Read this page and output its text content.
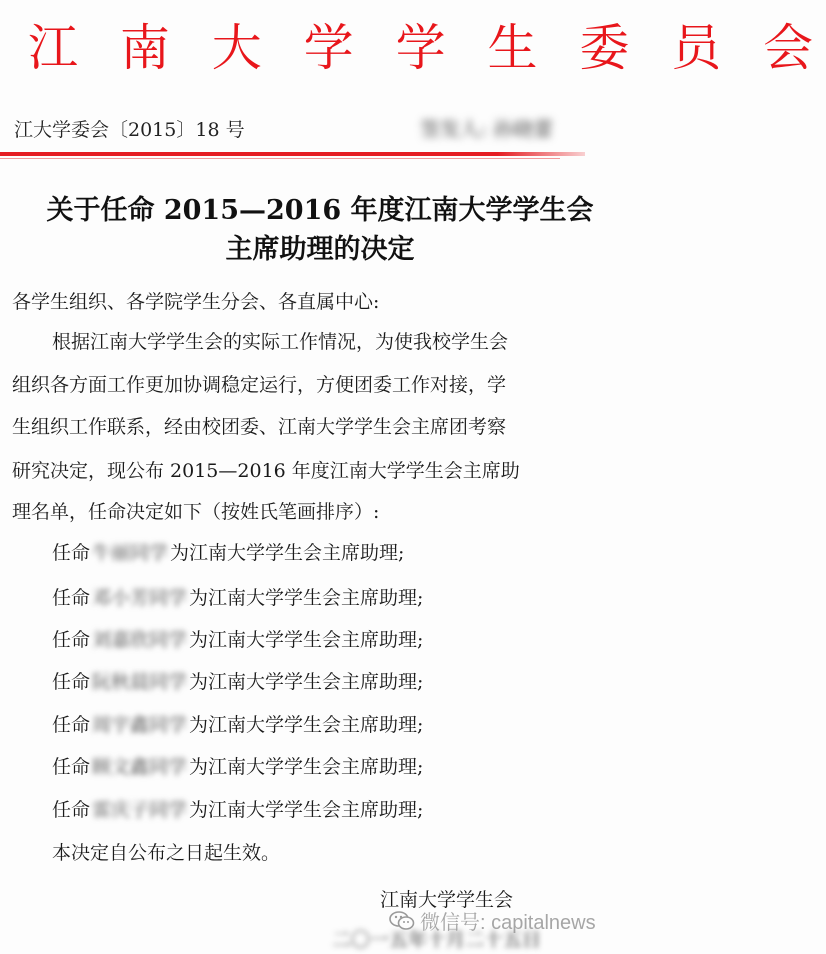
江 南 大 学 学 生 委 员 会
江大学委会〔2015〕18 号	签发人: 孙晓蕾
关于任命 2015—2016 年度江南大学学生会
主席助理的决定
各学生组织、各学院学生分会、各直属中心:
根据江南大学学生会的实际工作情况，为使我校学生会
组织各方面工作更加协调稳定运行，方便团委工作对接，学
生组织工作联系，经由校团委、江南大学学生会主席团考察
研究决定，现公布 2015—2016 年度江南大学学生会主席助
理名单，任命决定如下（按姓氏笔画排序）:
任命 牛丽同学 为江南大学学生会主席助理;
任命 邓小芳同学 为江南大学学生会主席助理;
任命 刘嘉欣同学 为江南大学学生会主席助理;
任命 阮秋晨同学 为江南大学学生会主席助理;
任命 周宇鑫同学 为江南大学学生会主席助理;
任命 顾文鑫同学 为江南大学学生会主席助理;
任命 雷庆子同学 为江南大学学生会主席助理;
本决定自公布之日起生效。
江南大学学生会
二〇一五年十月二十五日
微信号: capitalnews
